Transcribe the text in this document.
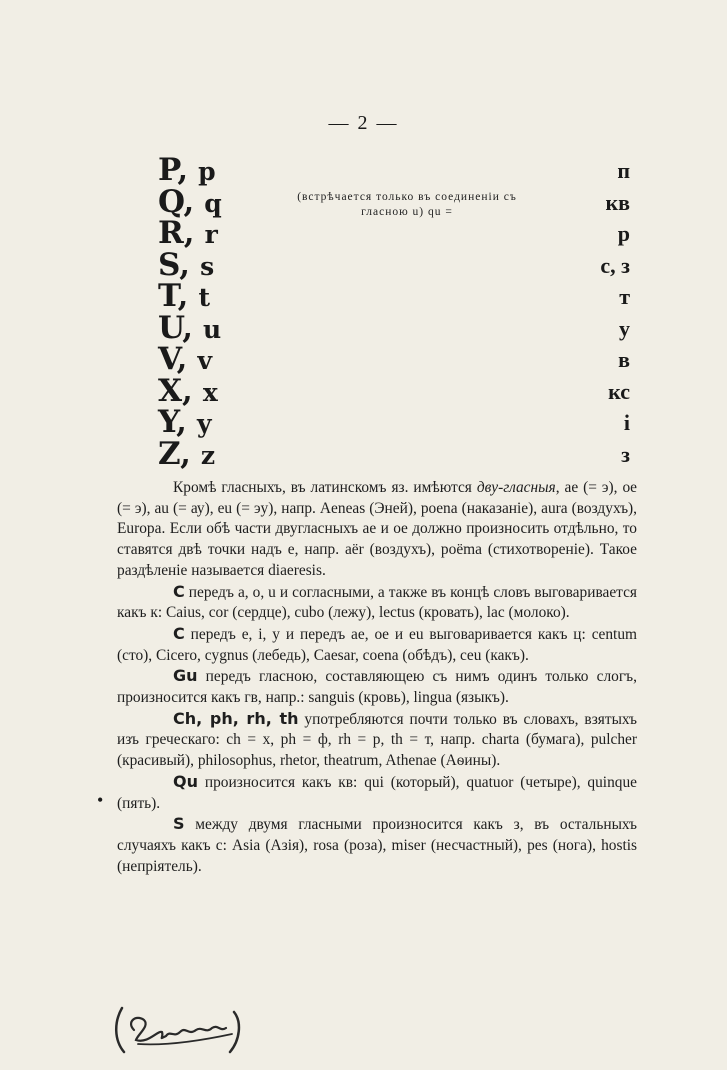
— 2 —
P, p
Q, q
R, r
S, s
T, t
U, u
V, v
X, x
Y, y
Z, z
(встрѣчается только въ соединенiи съ
гласною u) qu =
п
кв
р
с, з
т
у
в
кс
i
з

Кромѣ гласныхъ, въ латинскомъ яз. имѣются дву-гласныя, ae (= э), oe (= э), au (= ау), eu (= эу), напр. Aeneas (Эней), poena (наказанiе), aura (воздухъ), Europa. Если обѣ части двугласныхъ ae и oe должно произносить отдѣльно, то ставятся двѣ точки надъ e, напр. aër (воздухъ), poëma (стихотворенiе). Такое раздѣленiе называется diaeresis.

C передъ a, o, u и согласными, а также въ концѣ словъ выговаривается какъ к: Caius, cor (сердце), cubo (лежу), lectus (кровать), lac (молоко).

C передъ e, i, y и передъ ae, oe и eu выговаривается какъ ц: centum (сто), Cicero, cygnus (лебедь), Caesar, coena (обѣдъ), ceu (какъ).

Gu передъ гласною, составляющею съ нимъ одинъ только слогъ, произносится какъ гв, напр.: sanguis (кровь), lingua (языкъ).

Ch, ph, rh, th употребляются почти только въ словахъ, взятыхъ изъ греческаго: ch = х, ph = ф, rh = р, th = т, напр. charta (бумага), pulcher (красивый), philosophus, rhetor, theatrum, Athenae (Аѳины).

Qu произносится какъ кв: qui (который), quatuor (четыре), quinque (пять).

S между двумя гласными произносится какъ з, въ остальныхъ случаяхъ какъ с: Asia (Азiя), rosa (роза), miser (несчастный), pes (нога), hostis (непрiятель).

•
